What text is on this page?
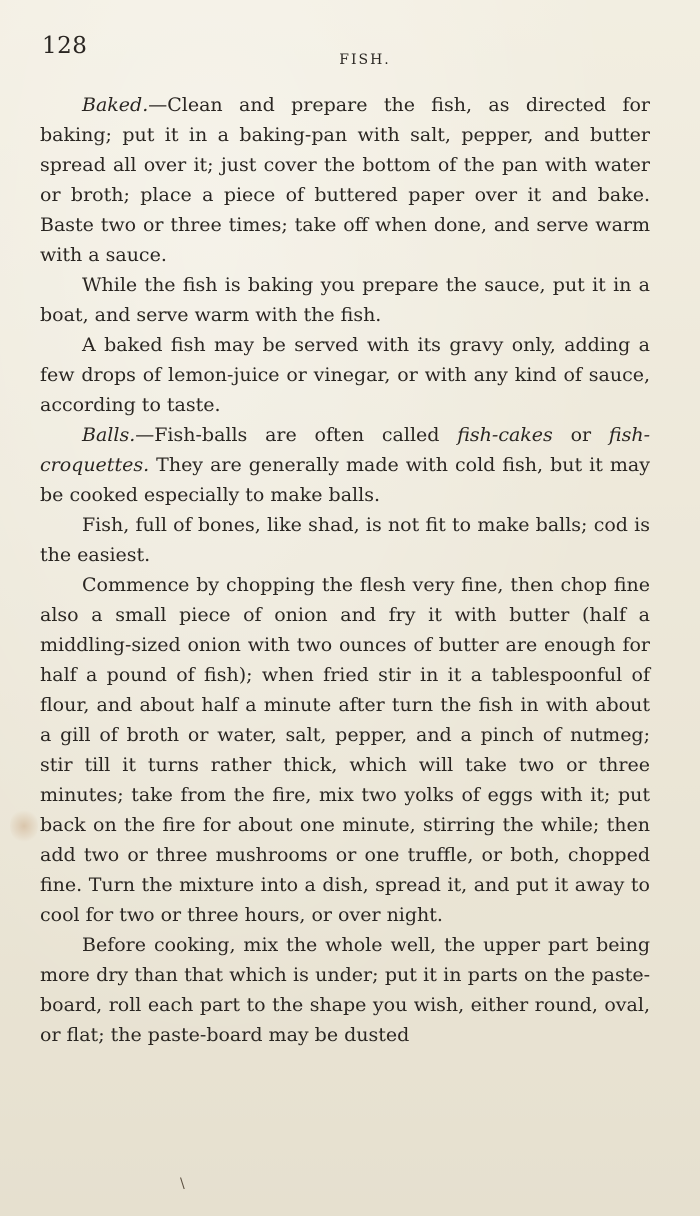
\
128
FISH.

Baked.—Clean and prepare the fish, as directed for baking; put it in a baking-pan with salt, pepper, and butter spread all over it; just cover the bottom of the pan with water or broth; place a piece of buttered paper over it and bake. Baste two or three times; take off when done, and serve warm with a sauce.

While the fish is baking you prepare the sauce, put it in a boat, and serve warm with the fish.

A baked fish may be served with its gravy only, adding a few drops of lemon-juice or vinegar, or with any kind of sauce, according to taste.

Balls.—Fish-balls are often called fish-cakes or fish-croquettes. They are generally made with cold fish, but it may be cooked especially to make balls.

Fish, full of bones, like shad, is not fit to make balls; cod is the easiest.

Commence by chopping the flesh very fine, then chop fine also a small piece of onion and fry it with butter (half a middling-sized onion with two ounces of butter are enough for half a pound of fish); when fried stir in it a tablespoonful of flour, and about half a minute after turn the fish in with about a gill of broth or water, salt, pepper, and a pinch of nutmeg; stir till it turns rather thick, which will take two or three minutes; take from the fire, mix two yolks of eggs with it; put back on the fire for about one minute, stirring the while; then add two or three mushrooms or one truffle, or both, chopped fine. Turn the mixture into a dish, spread it, and put it away to cool for two or three hours, or over night.

Before cooking, mix the whole well, the upper part being more dry than that which is under; put it in parts on the paste-board, roll each part to the shape you wish, either round, oval, or flat; the paste-board may be dusted
